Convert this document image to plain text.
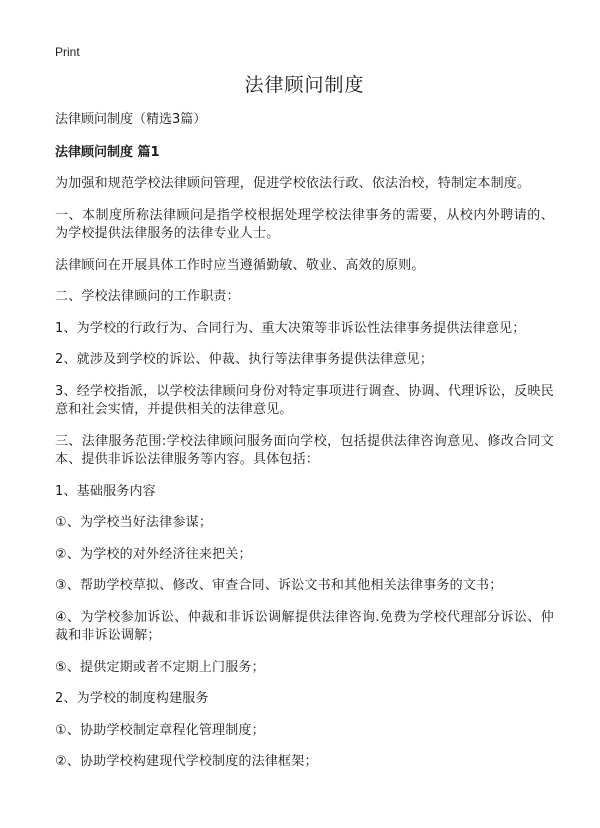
Print
法律顾问制度
法律顾问制度（精选3篇）
法律顾问制度 篇1

为加强和规范学校法律顾问管理，促进学校依法行政、依法治校，特制定本制度。

一、本制度所称法律顾问是指学校根据处理学校法律事务的需要，从校内外聘请的、为学校提供法律服务的法律专业人士。

法律顾问在开展具体工作时应当遵循勤敏、敬业、高效的原则。

二、学校法律顾问的工作职责：

1、为学校的行政行为、合同行为、重大决策等非诉讼性法律事务提供法律意见；

2、就涉及到学校的诉讼、仲裁、执行等法律事务提供法律意见；

3、经学校指派，以学校法律顾问身份对特定事项进行调查、协调、代理诉讼，反映民意和社会实情，并提供相关的法律意见。

三、法律服务范围:学校法律顾问服务面向学校，包括提供法律咨询意见、修改合同文本、提供非诉讼法律服务等内容。具体包括：

1、基础服务内容

①、为学校当好法律参谋；

②、为学校的对外经济往来把关；

③、帮助学校草拟、修改、审查合同、诉讼文书和其他相关法律事务的文书；

④、为学校参加诉讼、仲裁和非诉讼调解提供法律咨询.免费为学校代理部分诉讼、仲裁和非诉讼调解；

⑤、提供定期或者不定期上门服务；

2、为学校的制度构建服务

①、协助学校制定章程化管理制度；

②、协助学校构建现代学校制度的法律框架；
